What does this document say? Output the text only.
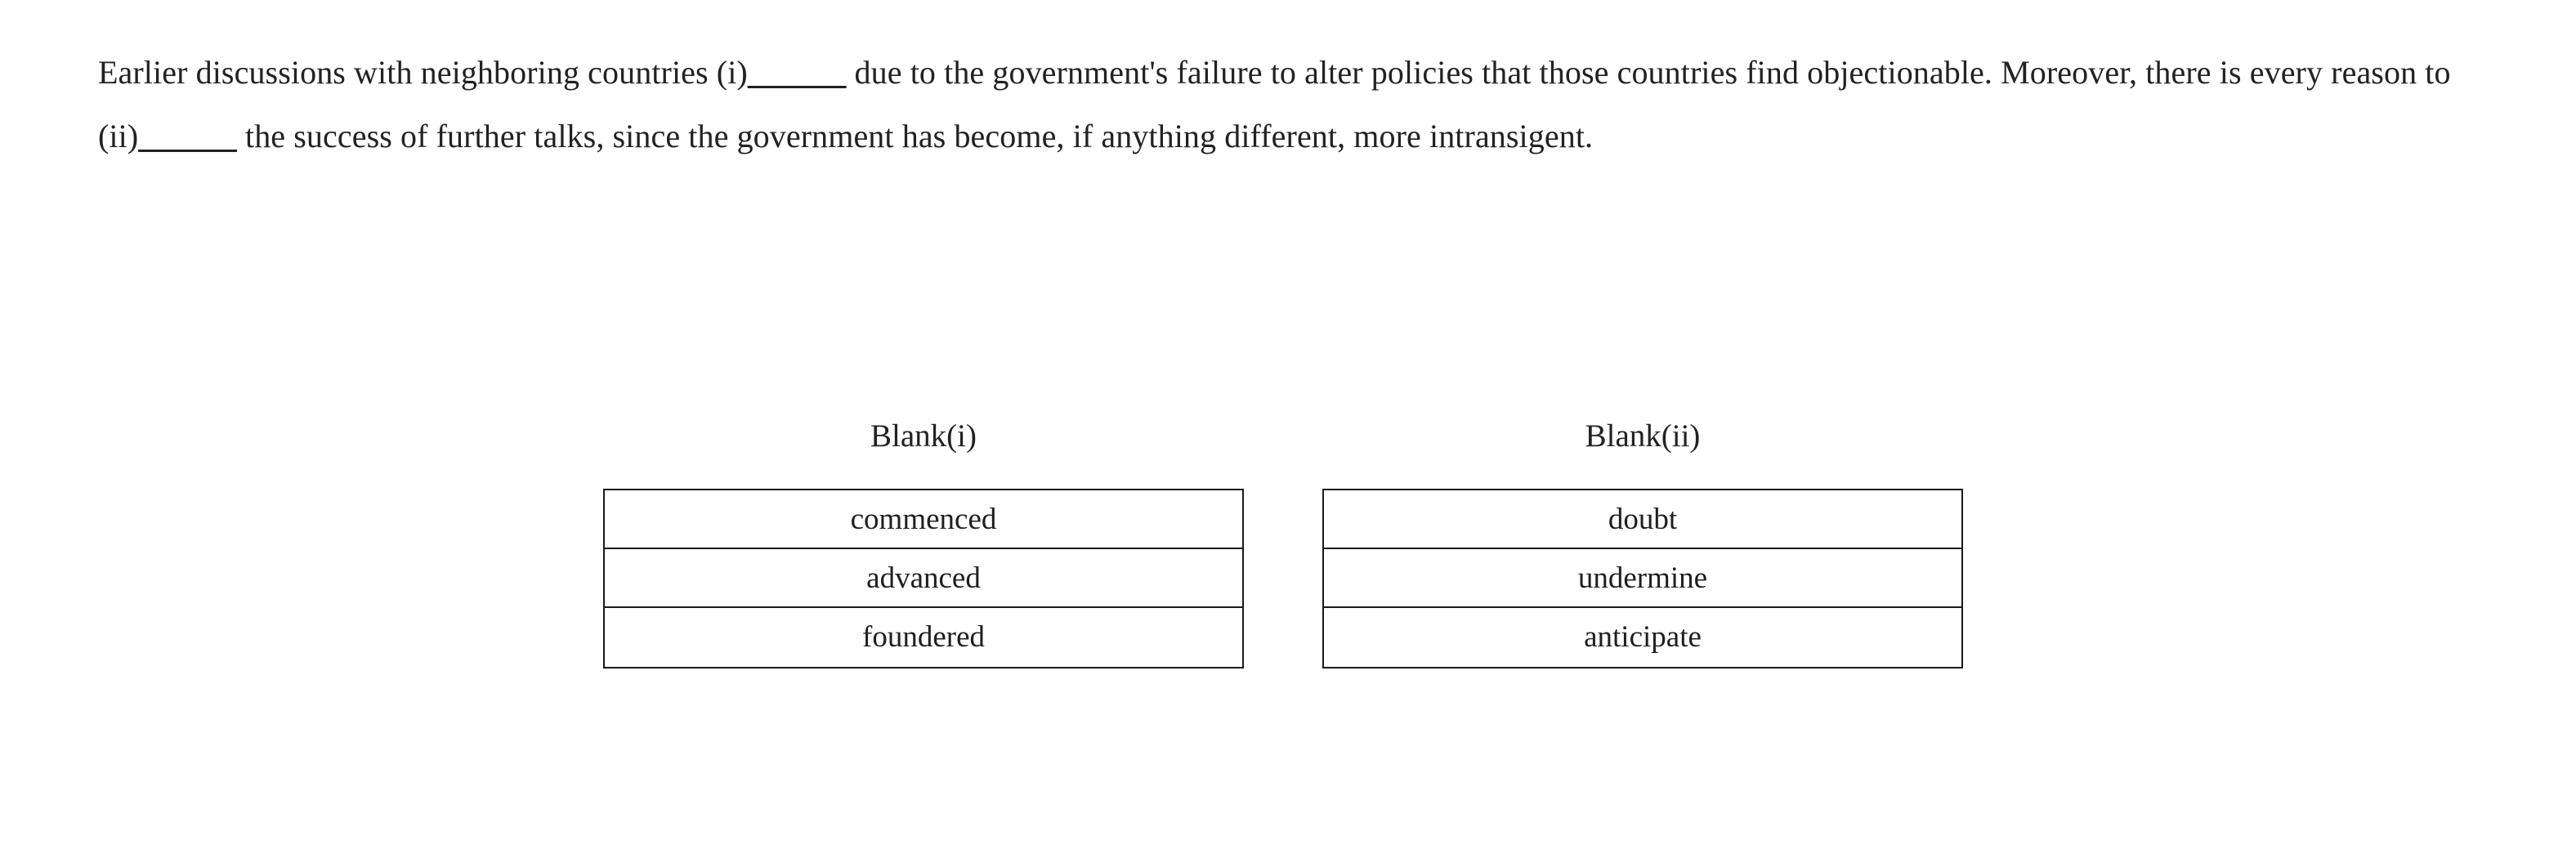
Earlier discussions with neighboring countries (i)______ due to the government's failure to alter policies that those countries find objectionable. Moreover, there is every reason to (ii)______ the success of further talks, since the government has become, if anything different, more intransigent.
Blank(i)
commenced
advanced
foundered
Blank(ii)
doubt
undermine
anticipate
